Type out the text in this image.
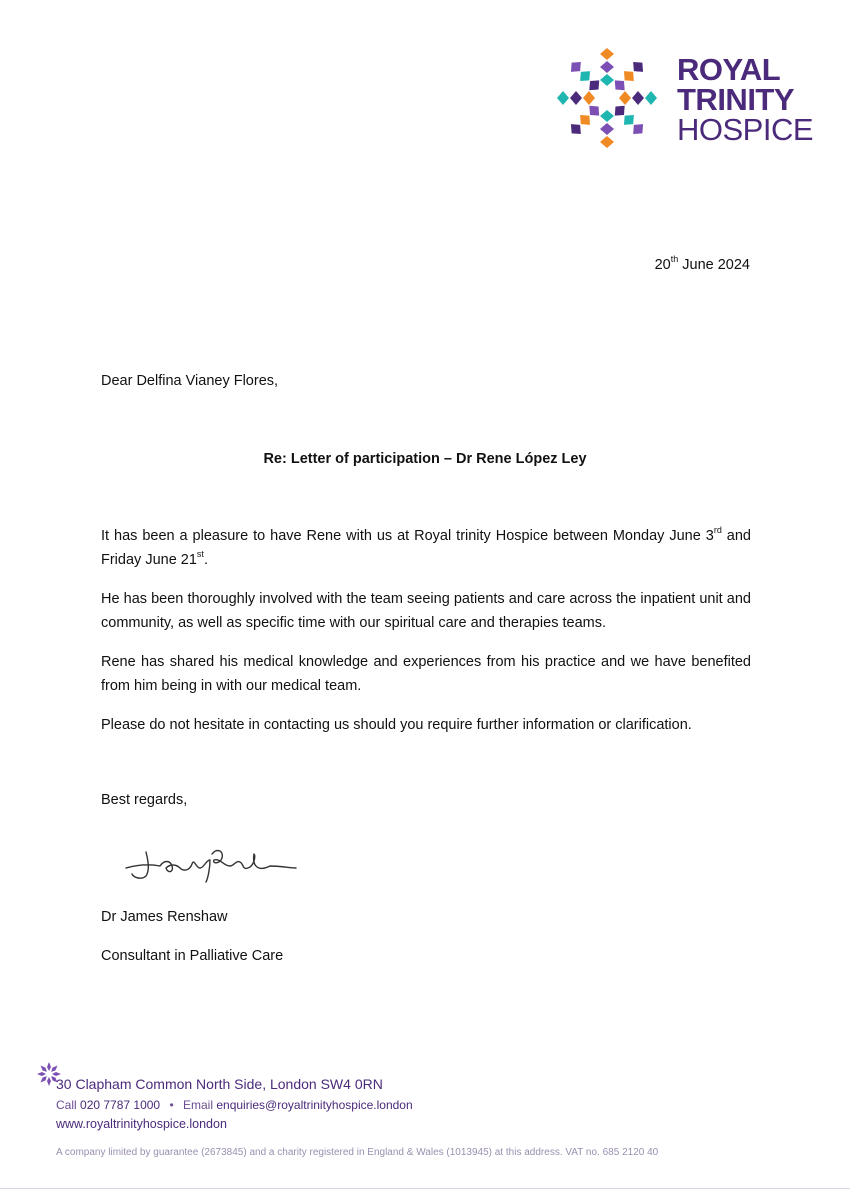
ROYAL
TRINITY
HOSPICE
20th June 2024
Dear Delfina Vianey Flores,
Re: Letter of participation – Dr Rene López Ley
It has been a pleasure to have Rene with us at Royal trinity Hospice between Monday June 3rd and Friday June 21st.
He has been thoroughly involved with the team seeing patients and care across the inpatient unit and community, as well as specific time with our spiritual care and therapies teams.
Rene has shared his medical knowledge and experiences from his practice and we have benefited from him being in with our medical team.
Please do not hesitate in contacting us should you require further information or clarification.
Best regards,
Dr James Renshaw
Consultant in Palliative Care
30 Clapham Common North Side, London SW4 0RN
Call 020 7787 1000 • Email enquiries@royaltrinityhospice.london
www.royaltrinityhospice.london
A company limited by guarantee (2673845) and a charity registered in England & Wales (1013945) at this address. VAT no. 685 2120 40
